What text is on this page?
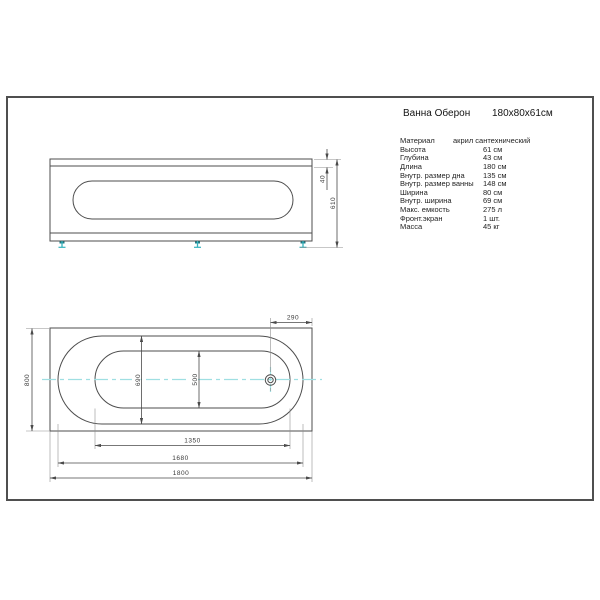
40
610
290
800	690	500
1350
1680
1800
Ванна Оберон 180х80х61см
Материал акрил сантехнический
Высота	61 см
Глубина	43 см
Длина	180 см
Внутр. размер дна 135 см
Внутр. размер ванны 148 см
Ширина	80 см
Внутр. ширина	69 см
Макс. емкость	275 л
Фронт.экран	1 шт.
Масса	45 кг
